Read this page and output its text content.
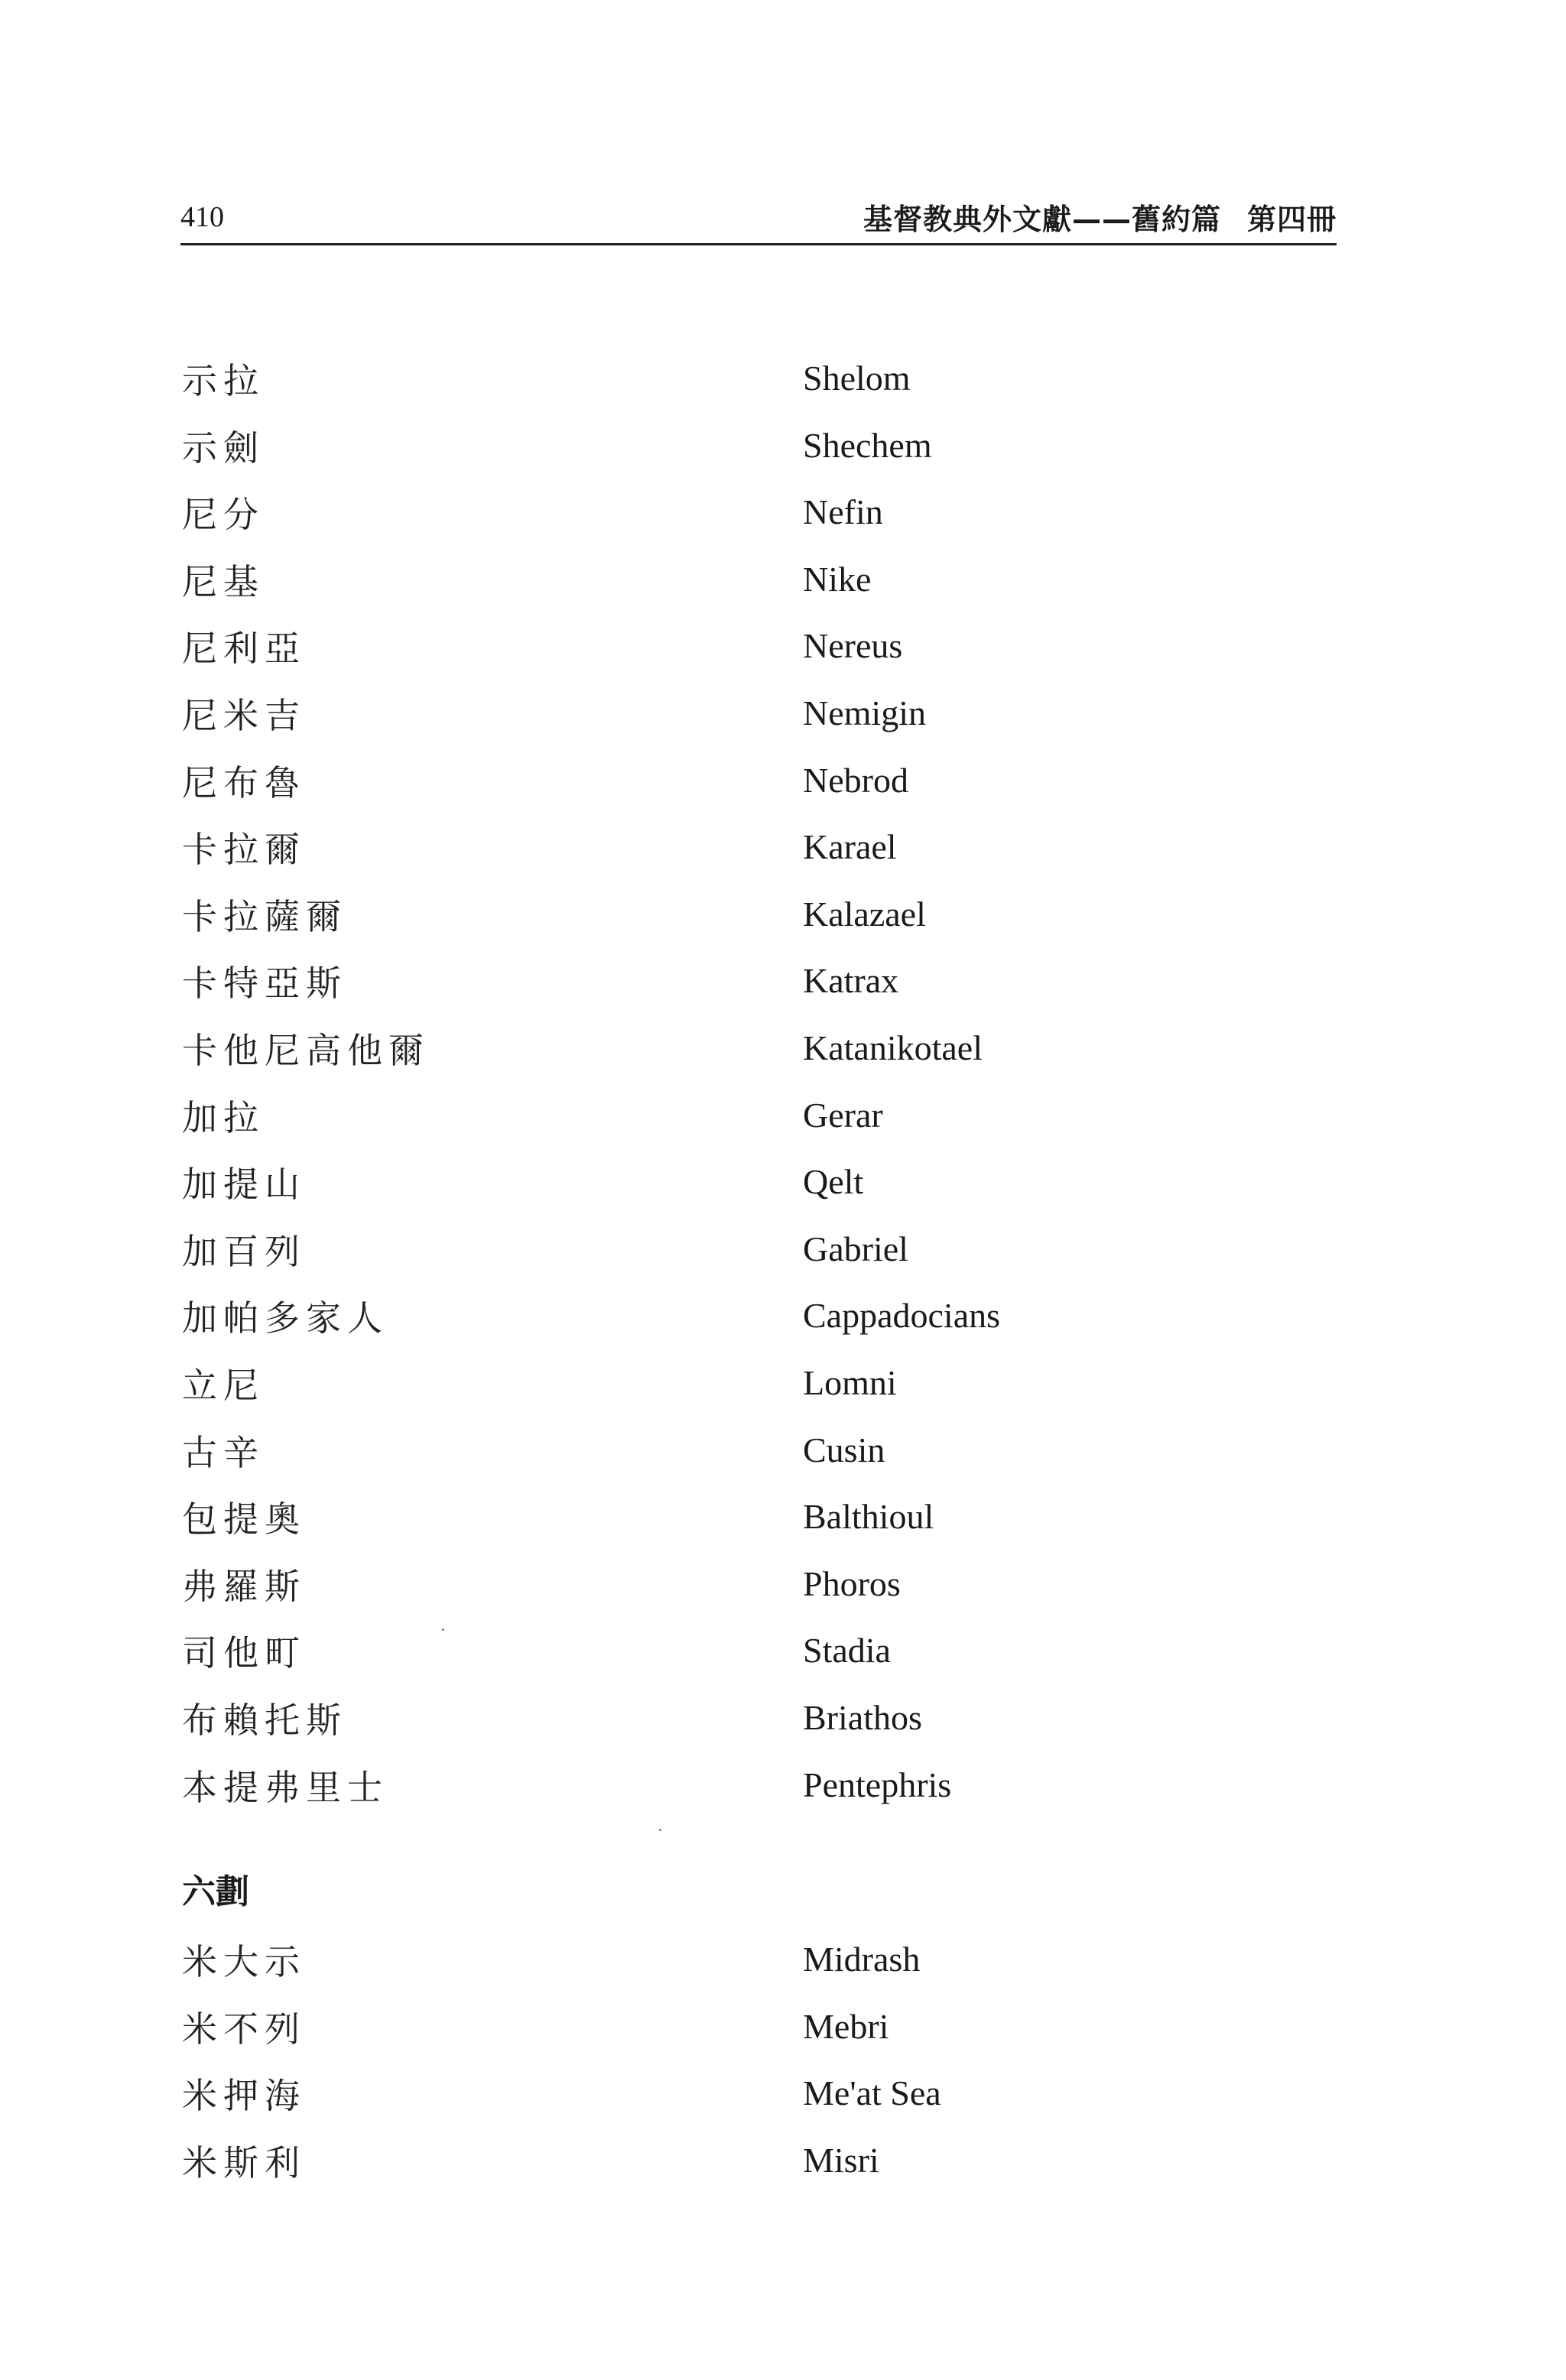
410	基督教典外文獻——舊約篇 第四冊
示拉	Shelom
示劍	Shechem
尼分	Nefin
尼基	Nike
尼利亞	Nereus
尼米吉	Nemigin
尼布魯	Nebrod
卡拉爾	Karael
卡拉薩爾	Kalazael
卡特亞斯	Katrax
卡他尼高他爾	Katanikotael
加拉	Gerar
加提山	Qelt
加百列	Gabriel
加帕多家人	Cappadocians
立尼	Lomni
古辛	Cusin
包提奧	Balthioul
弗羅斯	Phoros
司他町	Stadia
布賴托斯	Briathos
本提弗里士	Pentephris
六劃
米大示	Midrash
米不列	Mebri
米押海	Me'at Sea
米斯利	Misri
